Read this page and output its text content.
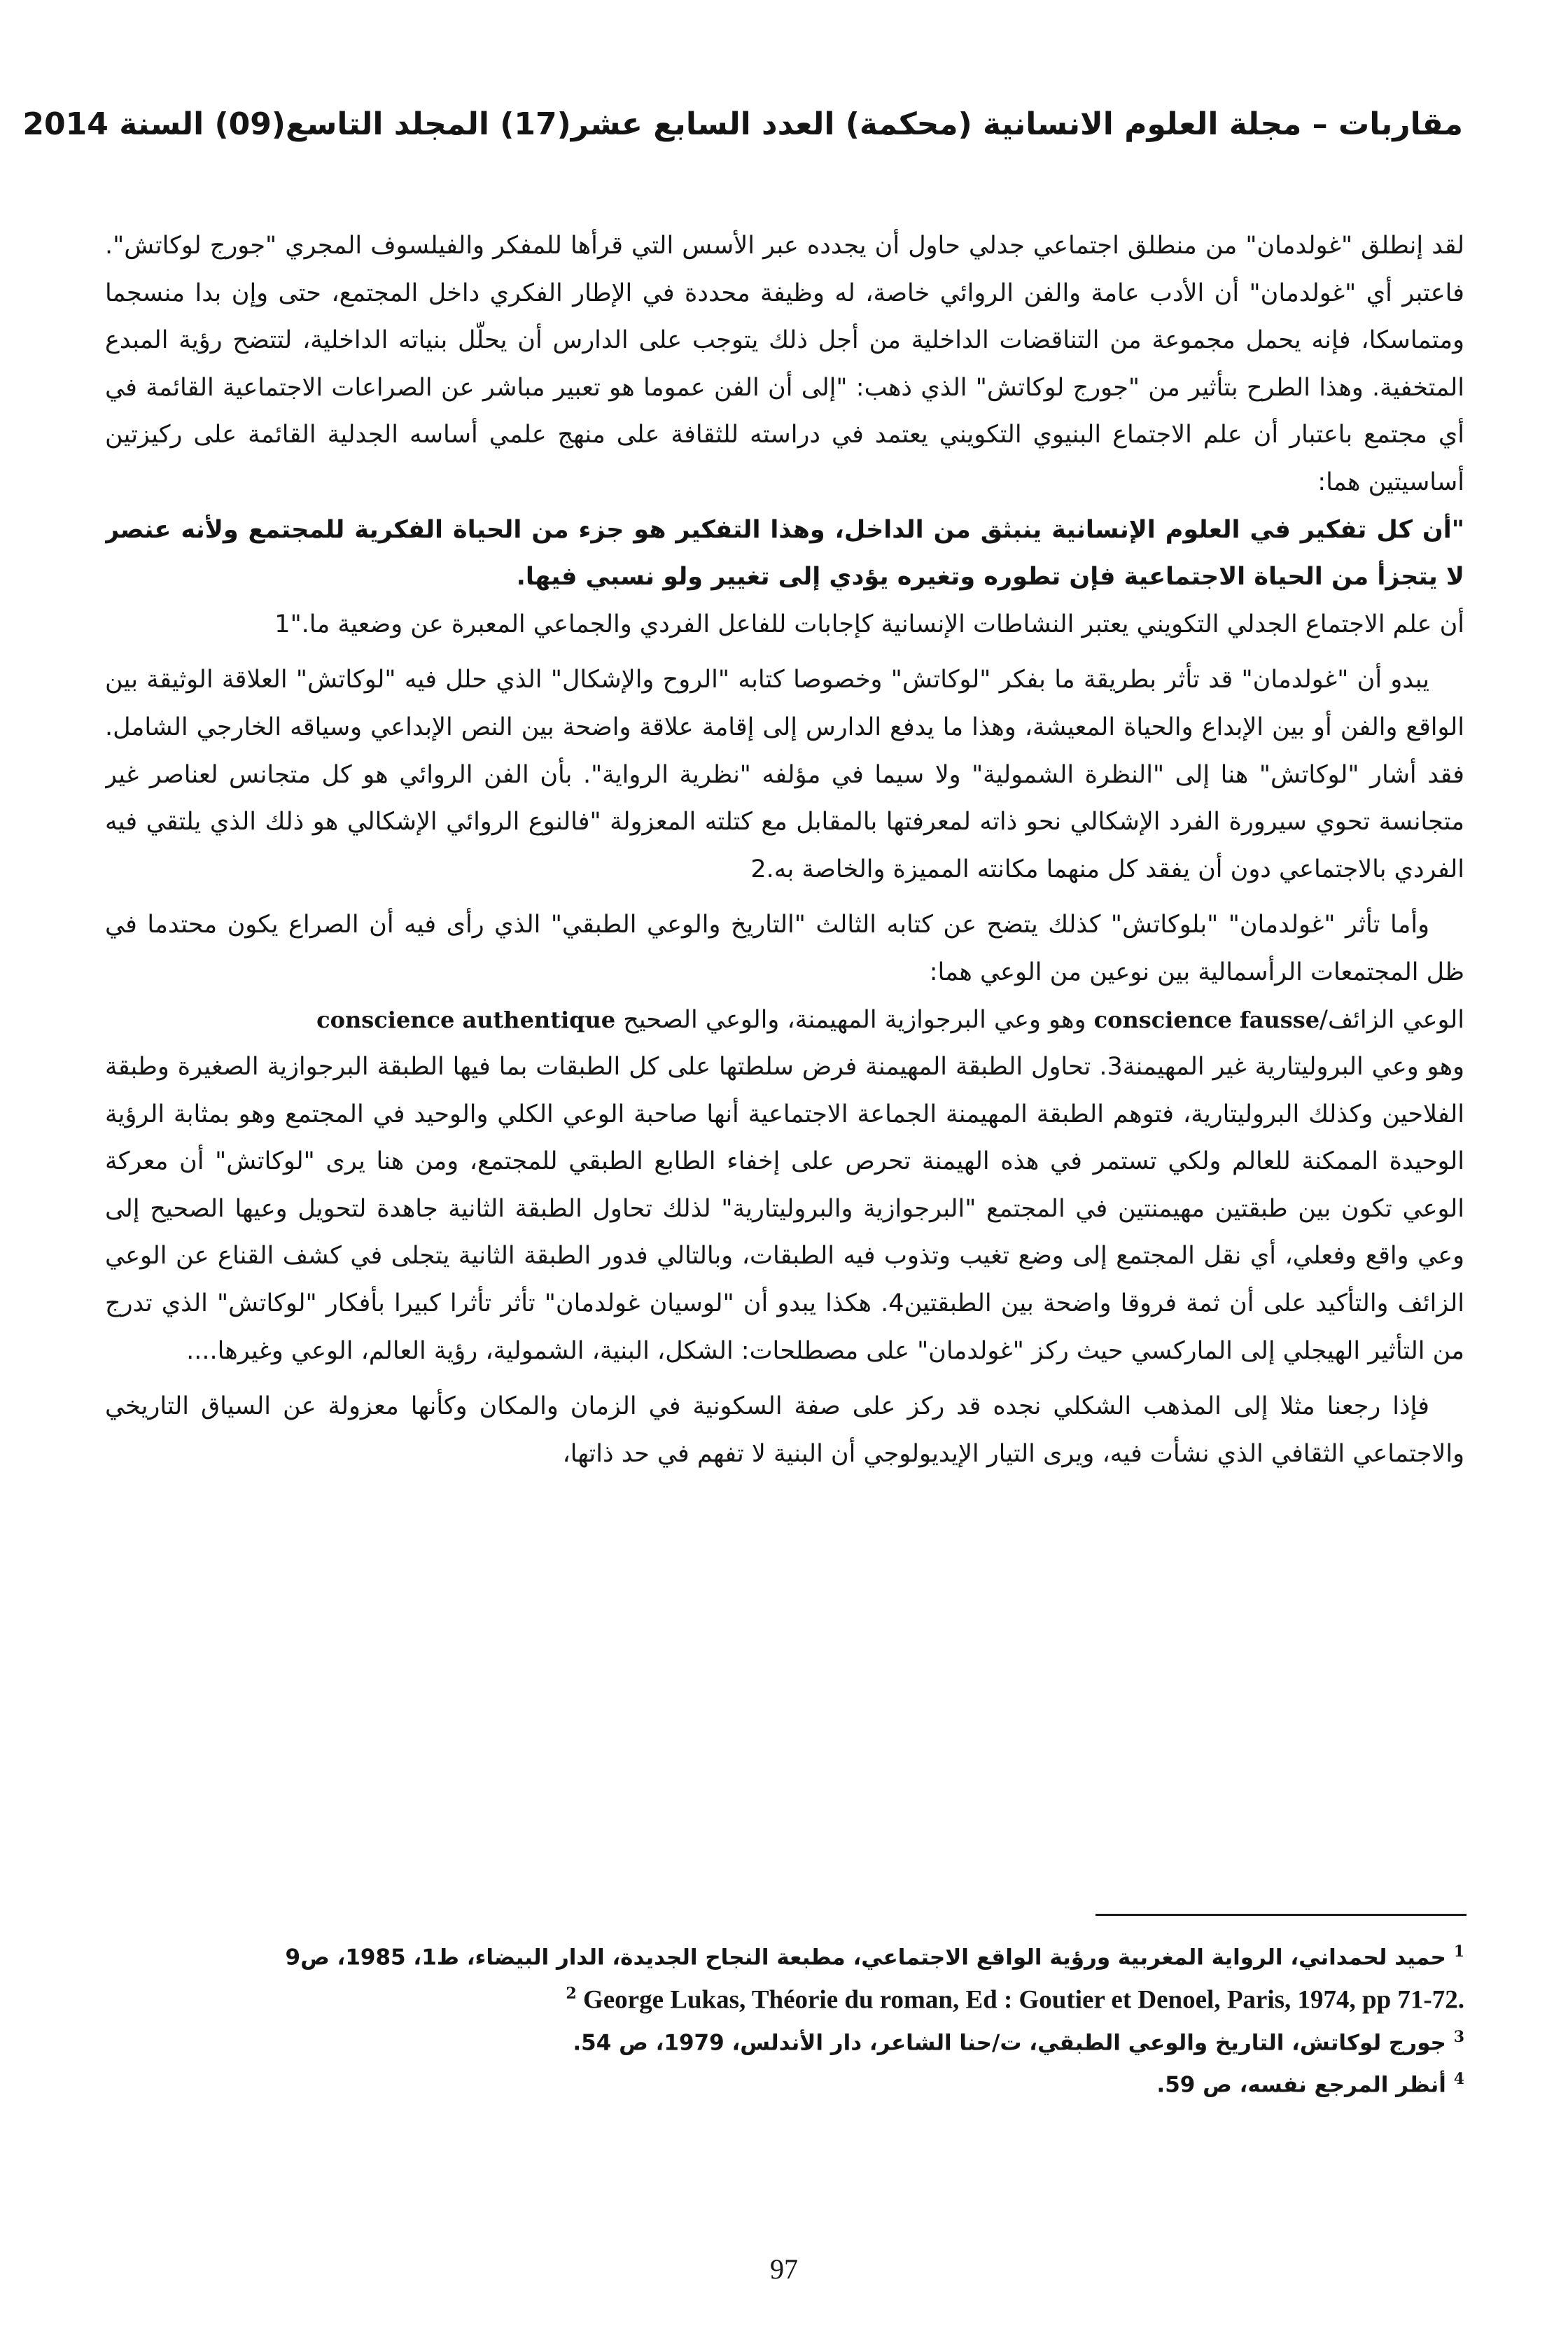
مقاربات – مجلة العلوم الانسانية (محكمة) العدد السابع عشر(17) المجلد التاسع(09) السنة 2014

لقد إنطلق "غولدمان" من منطلق اجتماعي جدلي حاول أن يجدده عبر الأسس التي قرأها للمفكر والفيلسوف المجري "جورج لوكاتش". فاعتبر أي "غولدمان" أن الأدب عامة والفن الروائي خاصة، له وظيفة محددة في الإطار الفكري داخل المجتمع، حتى وإن بدا منسجما ومتماسكا، فإنه يحمل مجموعة من التناقضات الداخلية من أجل ذلك يتوجب على الدارس أن يحلّل بنياته الداخلية، لتتضح رؤية المبدع المتخفية. وهذا الطرح بتأثير من "جورج لوكاتش" الذي ذهب: "إلى أن الفن عموما هو تعبير مباشر عن الصراعات الاجتماعية القائمة في أي مجتمع باعتبار أن علم الاجتماع البنيوي التكويني يعتمد في دراسته للثقافة على منهج علمي أساسه الجدلية القائمة على ركيزتين أساسيتين هما:

"أن كل تفكير في العلوم الإنسانية ينبثق من الداخل، وهذا التفكير هو جزء من الحياة الفكرية للمجتمع ولأنه عنصر لا يتجزأ من الحياة الاجتماعية فإن تطوره وتغيره يؤدي إلى تغيير ولو نسبي فيها.

أن علم الاجتماع الجدلي التكويني يعتبر النشاطات الإنسانية كإجابات للفاعل الفردي والجماعي المعبرة عن وضعية ما."1

يبدو أن "غولدمان" قد تأثر بطريقة ما بفكر "لوكاتش" وخصوصا كتابه "الروح والإشكال" الذي حلل فيه "لوكاتش" العلاقة الوثيقة بين الواقع والفن أو بين الإبداع والحياة المعيشة، وهذا ما يدفع الدارس إلى إقامة علاقة واضحة بين النص الإبداعي وسياقه الخارجي الشامل. فقد أشار "لوكاتش" هنا إلى "النظرة الشمولية" ولا سيما في مؤلفه "نظرية الرواية". بأن الفن الروائي هو كل متجانس لعناصر غير متجانسة تحوي سيرورة الفرد الإشكالي نحو ذاته لمعرفتها بالمقابل مع كتلته المعزولة "فالنوع الروائي الإشكالي هو ذلك الذي يلتقي فيه الفردي بالاجتماعي دون أن يفقد كل منهما مكانته المميزة والخاصة به.2

وأما تأثر "غولدمان" "بلوكاتش" كذلك يتضح عن كتابه الثالث "التاريخ والوعي الطبقي" الذي رأى فيه أن الصراع يكون محتدما في ظل المجتمعات الرأسمالية بين نوعين من الوعي هما:

الوعي الزائف/conscience fausse وهو وعي البرجوازية المهيمنة، والوعي الصحيح conscience authentique

وهو وعي البروليتارية غير المهيمنة3. تحاول الطبقة المهيمنة فرض سلطتها على كل الطبقات بما فيها الطبقة البرجوازية الصغيرة وطبقة الفلاحين وكذلك البروليتارية، فتوهم الطبقة المهيمنة الجماعة الاجتماعية أنها صاحبة الوعي الكلي والوحيد في المجتمع وهو بمثابة الرؤية الوحيدة الممكنة للعالم ولكي تستمر في هذه الهيمنة تحرص على إخفاء الطابع الطبقي للمجتمع، ومن هنا يرى "لوكاتش" أن معركة الوعي تكون بين طبقتين مهيمنتين في المجتمع "البرجوازية والبروليتارية" لذلك تحاول الطبقة الثانية جاهدة لتحويل وعيها الصحيح إلى وعي واقع وفعلي، أي نقل المجتمع إلى وضع تغيب وتذوب فيه الطبقات، وبالتالي فدور الطبقة الثانية يتجلى في كشف القناع عن الوعي الزائف والتأكيد على أن ثمة فروقا واضحة بين الطبقتين4. هكذا يبدو أن "لوسيان غولدمان" تأثر تأثرا كبيرا بأفكار "لوكاتش" الذي تدرج من التأثير الهيجلي إلى الماركسي حيث ركز "غولدمان" على مصطلحات: الشكل، البنية، الشمولية، رؤية العالم، الوعي وغيرها....

فإذا رجعنا مثلا إلى المذهب الشكلي نجده قد ركز على صفة السكونية في الزمان والمكان وكأنها معزولة عن السياق التاريخي والاجتماعي الثقافي الذي نشأت فيه، ويرى التيار الإيديولوجي أن البنية لا تفهم في حد ذاتها،

$^1$ حميد لحمداني، الرواية المغربية ورؤية الواقع الاجتماعي، مطبعة النجاح الجديدة، الدار البيضاء، ط1، 1985، ص9

$^2$ George Lukas, Théorie du roman, Ed : Goutier et Denoel, Paris, 1974, pp 71-72.

$^3$ جورج لوكاتش، التاريخ والوعي الطبقي، ت/حنا الشاعر، دار الأندلس، 1979، ص 54.

$^4$ أنظر المرجع نفسه، ص 59.

97
